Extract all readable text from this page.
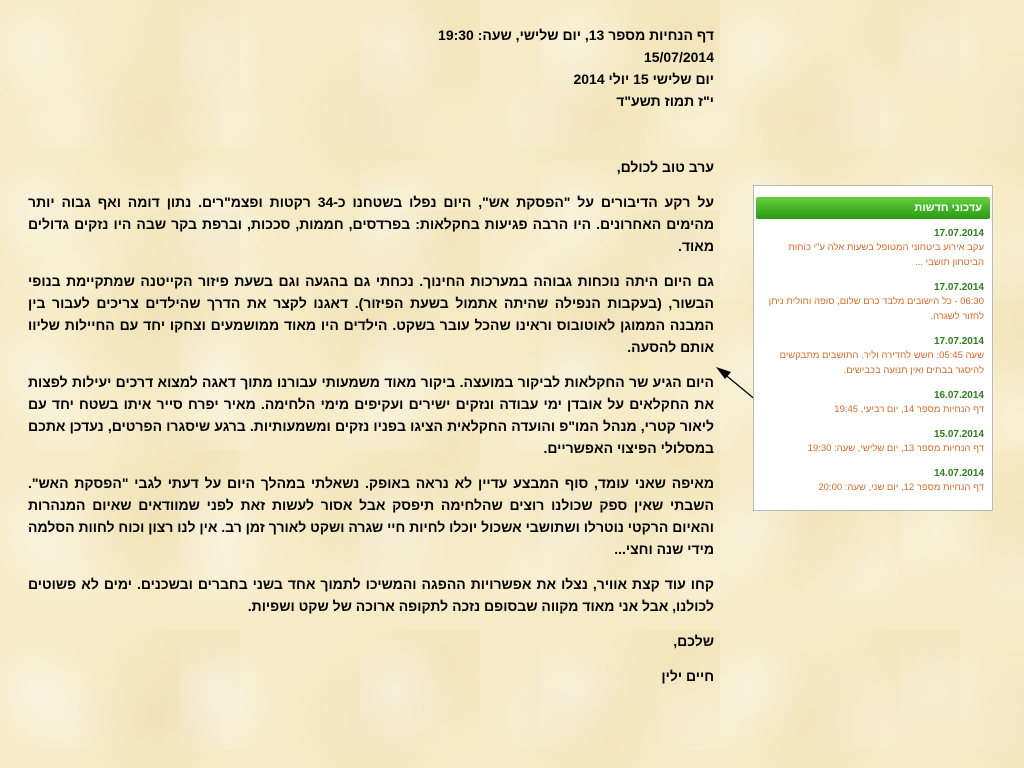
דף הנחיות מספר 13, יום שלישי, שעה: 19:30

15/07/2014

יום שלישי 15 יולי 2014

י"ז תמוז תשע"ד

ערב טוב לכולם,

על רקע הדיבורים על "הפסקת אש", היום נפלו בשטחנו כ-34 רקטות ופצמ"רים. נתון דומה ואף גבוה יותר מהימים האחרונים. היו הרבה פגיעות בחקלאות: בפרדסים, חממות, סככות, וברפת בקר שבה היו נזקים גדולים מאוד.

גם היום היתה נוכחות גבוהה במערכות החינוך. נכחתי גם בהגעה וגם בשעת פיזור הקייטנה שמתקיימת בנופי הבשור, (בעקבות הנפילה שהיתה אתמול בשעת הפיזור). דאגנו לקצר את הדרך שהילדים צריכים לעבור בין המבנה הממוגן לאוטובוס וראינו שהכל עובר בשקט. הילדים היו מאוד ממושמעים וצחקו יחד עם החיילות שליוו אותם להסעה.

היום הגיע שר החקלאות לביקור במועצה. ביקור מאוד משמעותי עבורנו מתוך דאגה למצוא דרכים יעילות לפצות את החקלאים על אובדן ימי עבודה ונזקים ישירים ועקיפים מימי הלחימה. מאיר יפרח סייר איתו בשטח יחד עם ליאור קטרי, מנהל המו"פ והועדה החקלאית הציגו בפניו נזקים ומשמעותיות. ברגע שיסגרו הפרטים, נעדכן אתכם במסלולי הפיצוי האפשריים.

מאיפה שאני עומד, סוף המבצע עדיין לא נראה באופק. נשאלתי במהלך היום על דעתי לגבי "הפסקת האש". השבתי שאין ספק שכולנו רוצים שהלחימה תיפסק אבל אסור לעשות זאת לפני שמוודאים שאיום המנהרות והאיום הרקטי נוטרלו ושתושבי אשכול יוכלו לחיות חיי שגרה ושקט לאורך זמן רב. אין לנו רצון וכוח לחוות הסלמה מידי שנה וחצי...

קחו עוד קצת אוויר, נצלו את אפשרויות ההפגה והמשיכו לתמוך אחד בשני בחברים ובשכנים. ימים לא פשוטים לכולנו, אבל אני מאוד מקווה שבסופם נזכה לתקופה ארוכה של שקט ושפיות.

שלכם,

חיים ילין

עדכוני חדשות
17.07.2014
עקב אירוע ביטחוני המטופל בשעות אלה ע"י כוחות הביטחון תושבי ...
17.07.2014
06:30 - כל הישובים מלבד כרם שלום, סופה וחולית ניתן לחזור לשגרה.
17.07.2014
שעה 05:45: חשש לחדירה וליר. התושבים מתבקשים להיסגר בבתים ואין תנועה בכבישים.
16.07.2014
דף הנחיות מספר 14, יום רביעי, 19:45
15.07.2014
דף הנחיות מספר 13, יום שלישי, שעה: 19:30
14.07.2014
דף הנחיות מספר 12, יום שני, שעה: 20:00
